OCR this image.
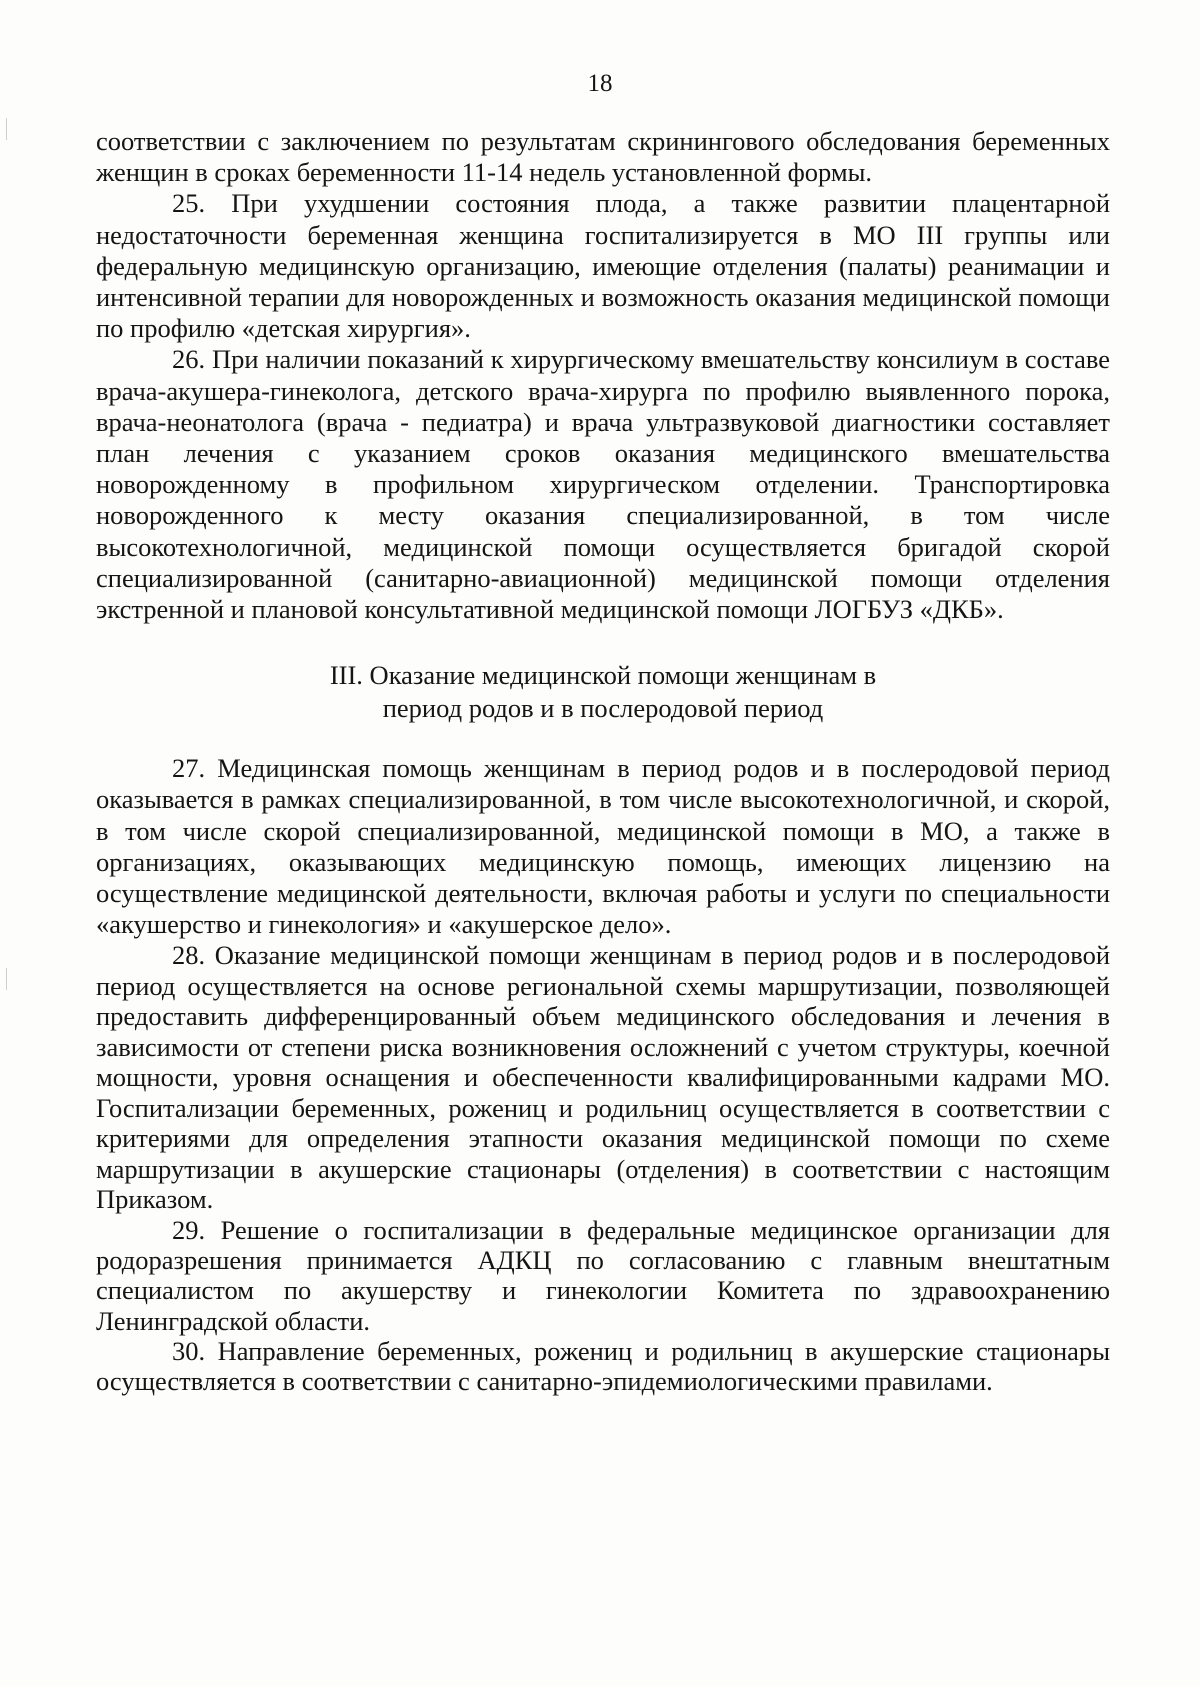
18

соответствии с заключением по результатам скринингового обследования беременных женщин в сроках беременности 11-14 недель установленной формы.

25. При ухудшении состояния плода, а также развитии плацентарной недостаточности беременная женщина госпитализируется в МО III группы или федеральную медицинскую организацию, имеющие отделения (палаты) реанимации и интенсивной терапии для новорожденных и возможность оказания медицинской помощи по профилю «детская хирургия».

26. При наличии показаний к хирургическому вмешательству консилиум в составе врача-акушера-гинеколога, детского врача-хирурга по профилю выявленного порока, врача-неонатолога (врача - педиатра) и врача ультразвуковой диагностики составляет план лечения с указанием сроков оказания медицинского вмешательства новорожденному в профильном хирургическом отделении. Транспортировка новорожденного к месту оказания специализированной, в том числе высокотехнологичной, медицинской помощи осуществляется бригадой скорой специализированной (санитарно-авиационной) медицинской помощи отделения экстренной и плановой консультативной медицинской помощи ЛОГБУЗ «ДКБ».

III. Оказание медицинской помощи женщинам в
период родов и в послеродовой период

27. Медицинская помощь женщинам в период родов и в послеродовой период оказывается в рамках специализированной, в том числе высокотехнологичной, и скорой, в том числе скорой специализированной, медицинской помощи в МО, а также в организациях, оказывающих медицинскую помощь, имеющих лицензию на осуществление медицинской деятельности, включая работы и услуги по специальности «акушерство и гинекология» и «акушерское дело».

28. Оказание медицинской помощи женщинам в период родов и в послеродовой период осуществляется на основе региональной схемы маршрутизации, позволяющей предоставить дифференцированный объем медицинского обследования и лечения в зависимости от степени риска возникновения осложнений с учетом структуры, коечной мощности, уровня оснащения и обеспеченности квалифицированными кадрами МО. Госпитализации беременных, рожениц и родильниц осуществляется в соответствии с критериями для определения этапности оказания медицинской помощи по схеме маршрутизации в акушерские стационары (отделения) в соответствии с настоящим Приказом.

29. Решение о госпитализации в федеральные медицинское организации для родоразрешения принимается АДКЦ по согласованию с главным внештатным специалистом по акушерству и гинекологии Комитета по здравоохранению Ленинградской области.

30. Направление беременных, рожениц и родильниц в акушерские стационары осуществляется в соответствии с санитарно-эпидемиологическими правилами.
